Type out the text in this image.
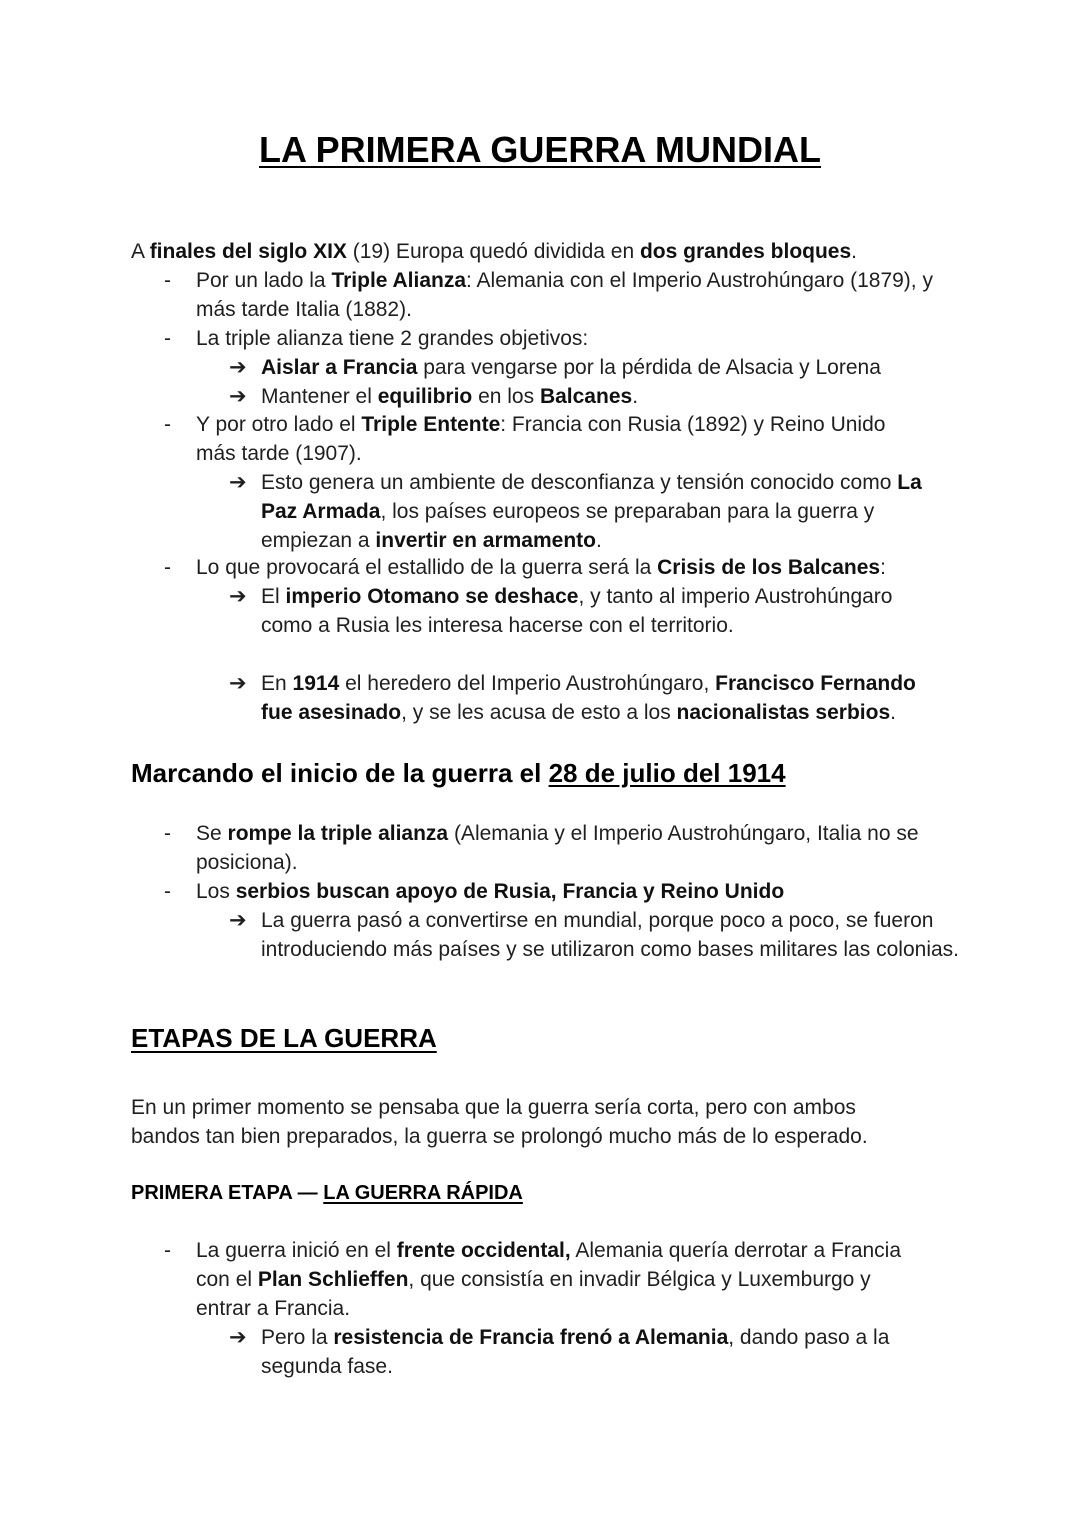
LA PRIMERA GUERRA MUNDIAL

A finales del siglo XIX (19) Europa quedó dividida en dos grandes bloques.

- Por un lado la Triple Alianza: Alemania con el Imperio Austrohúngaro (1879), y más tarde Italia (1882).
- La triple alianza tiene 2 grandes objetivos:
➔ Aislar a Francia para vengarse por la pérdida de Alsacia y Lorena
➔ Mantener el equilibrio en los Balcanes.
- Y por otro lado el Triple Entente: Francia con Rusia (1892) y Reino Unido más tarde (1907).
➔ Esto genera un ambiente de desconfianza y tensión conocido como La Paz Armada, los países europeos se preparaban para la guerra y empiezan a invertir en armamento.
- Lo que provocará el estallido de la guerra será la Crisis de los Balcanes:
➔ El imperio Otomano se deshace, y tanto al imperio Austrohúngaro como a Rusia les interesa hacerse con el territorio.
➔ En 1914 el heredero del Imperio Austrohúngaro, Francisco Fernando fue asesinado, y se les acusa de esto a los nacionalistas serbios.
Marcando el inicio de la guerra el 28 de julio del 1914
- Se rompe la triple alianza (Alemania y el Imperio Austrohúngaro, Italia no se posiciona).
- Los serbios buscan apoyo de Rusia, Francia y Reino Unido
➔ La guerra pasó a convertirse en mundial, porque poco a poco, se fueron introduciendo más países y se utilizaron como bases militares las colonias.
ETAPAS DE LA GUERRA

En un primer momento se pensaba que la guerra sería corta, pero con ambos bandos tan bien preparados, la guerra se prolongó mucho más de lo esperado.

PRIMERA ETAPA — LA GUERRA RÁPIDA
- La guerra inició en el frente occidental, Alemania quería derrotar a Francia con el Plan Schlieffen, que consistía en invadir Bélgica y Luxemburgo y entrar a Francia.
➔ Pero la resistencia de Francia frenó a Alemania, dando paso a la segunda fase.
